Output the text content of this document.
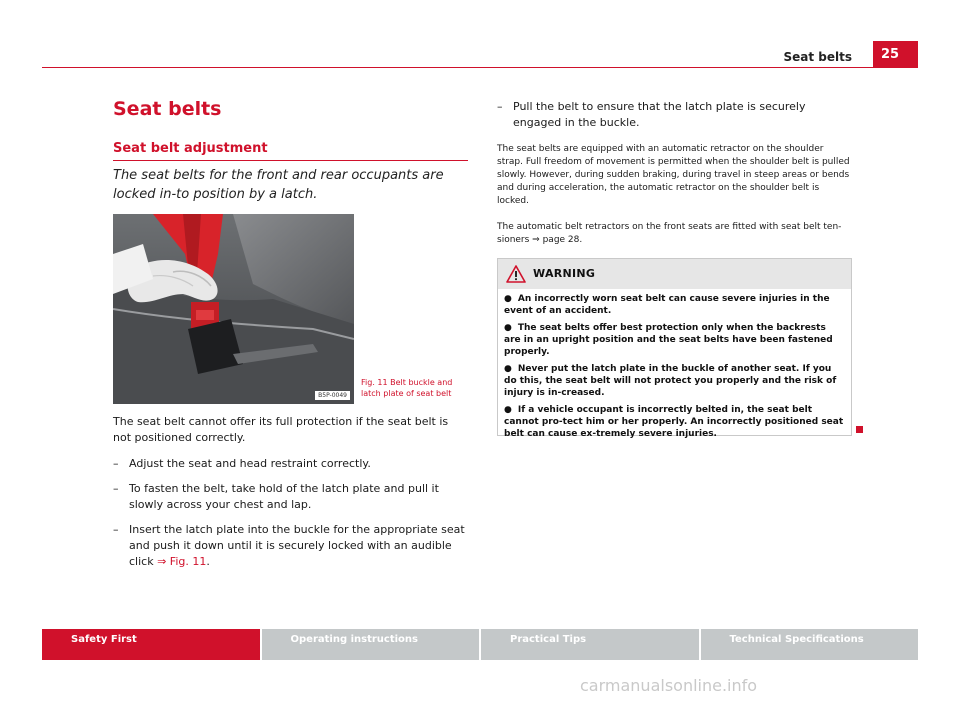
Seat belts	25
Seat belts
Seat belt adjustment
The seat belts for the front and rear occupants are locked in-to position by a latch.
B5P-0049
Fig. 11 Belt buckle and latch plate of seat belt
The seat belt cannot offer its full protection if the seat belt is not positioned correctly.
– Adjust the seat and head restraint correctly.
– To fasten the belt, take hold of the latch plate and pull it slowly across your chest and lap.
– Insert the latch plate into the buckle for the appropriate seat and push it down until it is securely locked with an audible click ⇒ Fig. 11.
– Pull the belt to ensure that the latch plate is securely engaged in the buckle.
The seat belts are equipped with an automatic retractor on the shoulder strap. Full freedom of movement is permitted when the shoulder belt is pulled slowly. However, during sudden braking, during travel in steep areas or bends and during acceleration, the automatic retractor on the shoulder belt is locked.
The automatic belt retractors on the front seats are fitted with seat belt ten-sioners ⇒ page 28.
WARNING
● An incorrectly worn seat belt can cause severe injuries in the event of an accident.
● The seat belts offer best protection only when the backrests are in an upright position and the seat belts have been fastened properly.
● Never put the latch plate in the buckle of another seat. If you do this, the seat belt will not protect you properly and the risk of injury is in-creased.
● If a vehicle occupant is incorrectly belted in, the seat belt cannot pro-tect him or her properly. An incorrectly positioned seat belt can cause ex-tremely severe injuries.
Safety First	Operating instructions	Practical Tips	Technical Specifications
carmanualsonline.info
